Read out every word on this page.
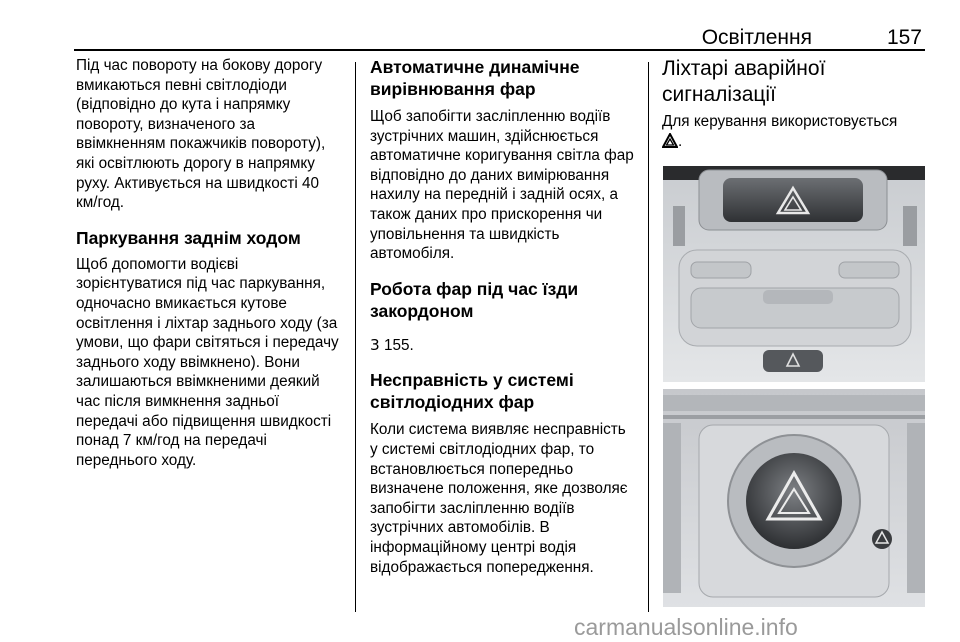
Освітлення	157

Під час повороту на бокову дорогу вмикаються певні світлодіоди (відповідно до кута і напрямку повороту, визначеного за ввімкненням покажчиків повороту), які освітлюють дорогу в напрямку руху. Активується на швидкості 40 км/год.

Паркування заднім ходом

Щоб допомогти водієві зорієнтуватися під час паркування, одночасно вмикається кутове освітлення і ліхтар заднього ходу (за умови, що фари світяться і передачу заднього ходу ввімкнено). Вони залишаються ввімкненими деякий час після вимкнення задньої передачі або підвищення швидкості понад 7 км/год на передачі переднього ходу.

Автоматичне динамічне вирівнювання фар

Щоб запобігти засліпленню водіїв зустрічних машин, здійснюється автоматичне коригування світла фар відповідно до даних вимірювання нахилу на передній і задній осях, а також даних про прискорення чи уповільнення та швидкість автомобіля.

Робота фар під час їзди закордоном

3 155.

Несправність у системі світлодіодних фар

Коли система виявляє несправність у системі світлодіодних фар, то встановлюється попередньо визначене положення, яке дозволяє запобігти засліпленню водіїв зустрічних автомобілів. В інформаційному центрі водія відображається попередження.

Ліхтарі аварійної сигналізації

Для керування використовується
.

carmanualsonline.info
